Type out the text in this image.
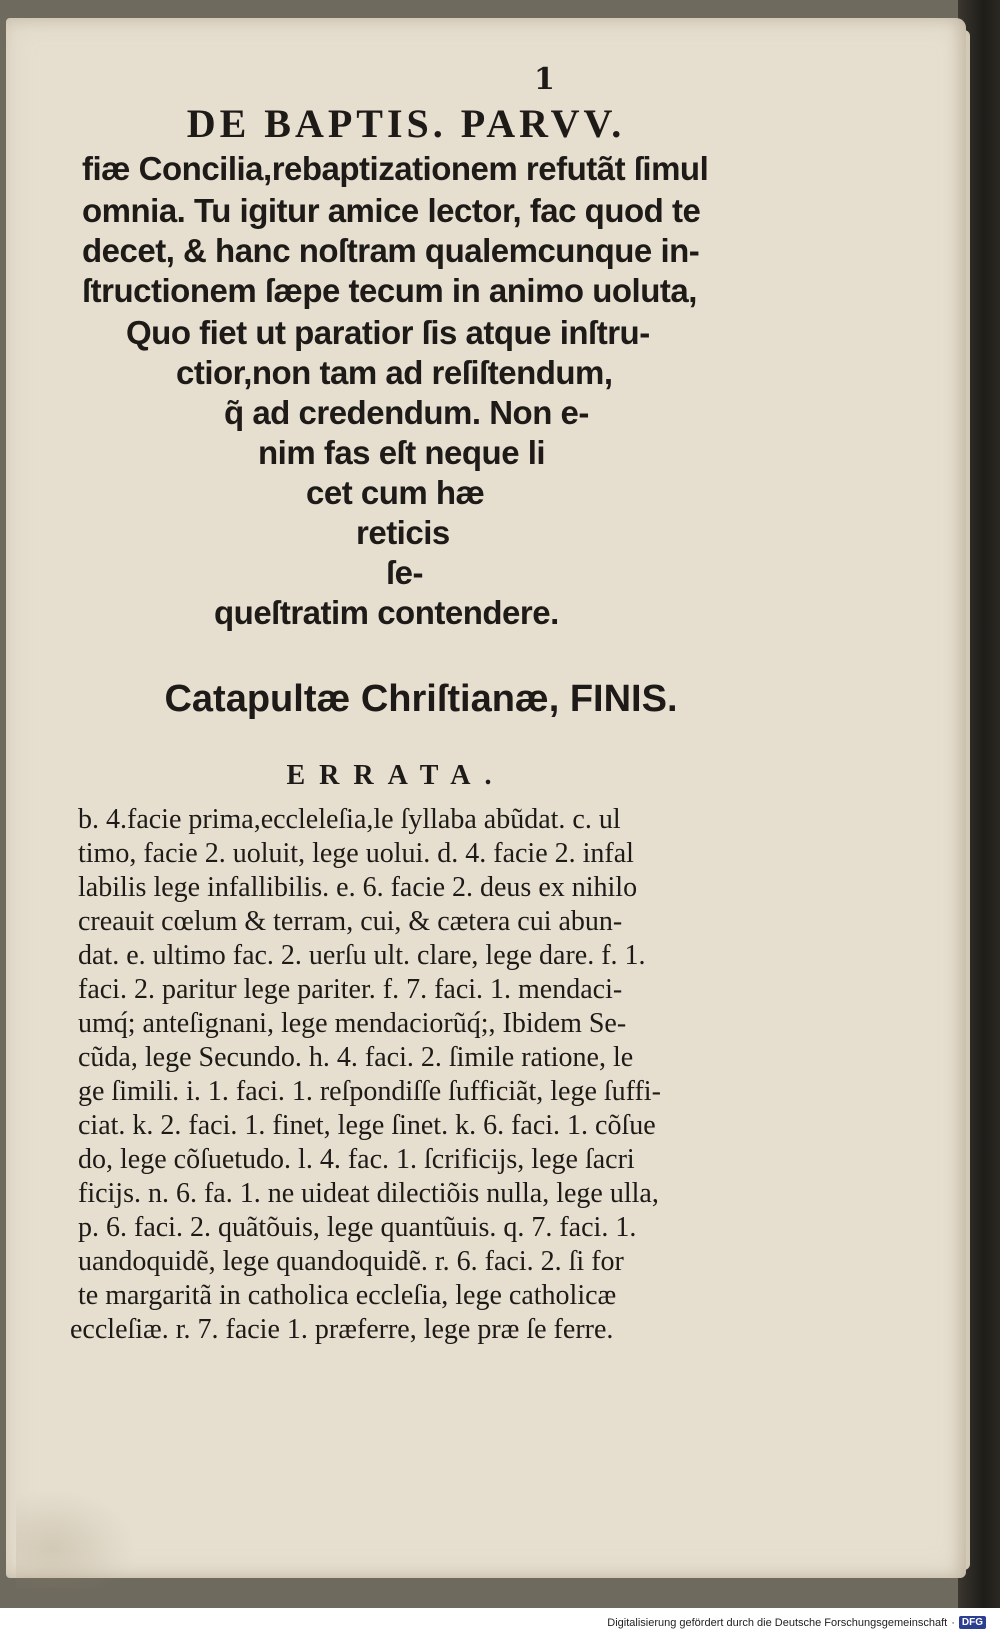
1
DE BAPTIS. PARVV.
fiæ Concilia,rebaptizationem refutãt ſimul
omnia. Tu igitur amice lector, fac quod te
decet, & hanc noſtram qualemcunque in-
ſtructionem ſæpe tecum in animo uoluta,
Quo fiet ut paratior ſis atque inſtru-
ctior,non tam ad reſiſtendum,
q̃ ad credendum. Non e-
nim fas eſt neque li
cet cum hæ
reticis
ſe-
queſtratim contendere.
Catapultæ Chriſtianæ, FINIS.
ERRATA.
b. 4.facie prima,eccleleſia,le ſyllaba abũdat. c. ul
timo, facie 2. uoluit, lege uolui. d. 4. facie 2. infal
labilis lege infallibilis. e. 6. facie 2. deus ex nihilo
creauit cœlum & terram, cui, & cætera cui abun-
dat. e. ultimo fac. 2. uerſu ult. clare, lege dare. f. 1.
faci. 2. paritur lege pariter. f. 7. faci. 1. mendaci-
umq́; anteſignani, lege mendaciorũq́;, Ibidem Se-
cũda, lege Secundo. h. 4. faci. 2. ſimile ratione, le
ge ſimili. i. 1. faci. 1. reſpondiſſe ſufficiãt, lege ſuffi-
ciat. k. 2. faci. 1. finet, lege ſinet. k. 6. faci. 1. cõſue
do, lege cõſuetudo. l. 4. fac. 1. ſcrificijs, lege ſacri
ficijs. n. 6. fa. 1. ne uideat dilectiõis nulla, lege ulla,
p. 6. faci. 2. quãtõuis, lege quantũuis. q. 7. faci. 1.
uandoquidẽ, lege quandoquidẽ. r. 6. faci. 2. ſi for
te margaritã in catholica eccleſia, lege catholicæ
eccleſiæ. r. 7. facie 1. præferre, lege præ ſe ferre.
Digitalisierung gefördert durch die Deutsche Forschungsgemeinschaft · DFG
